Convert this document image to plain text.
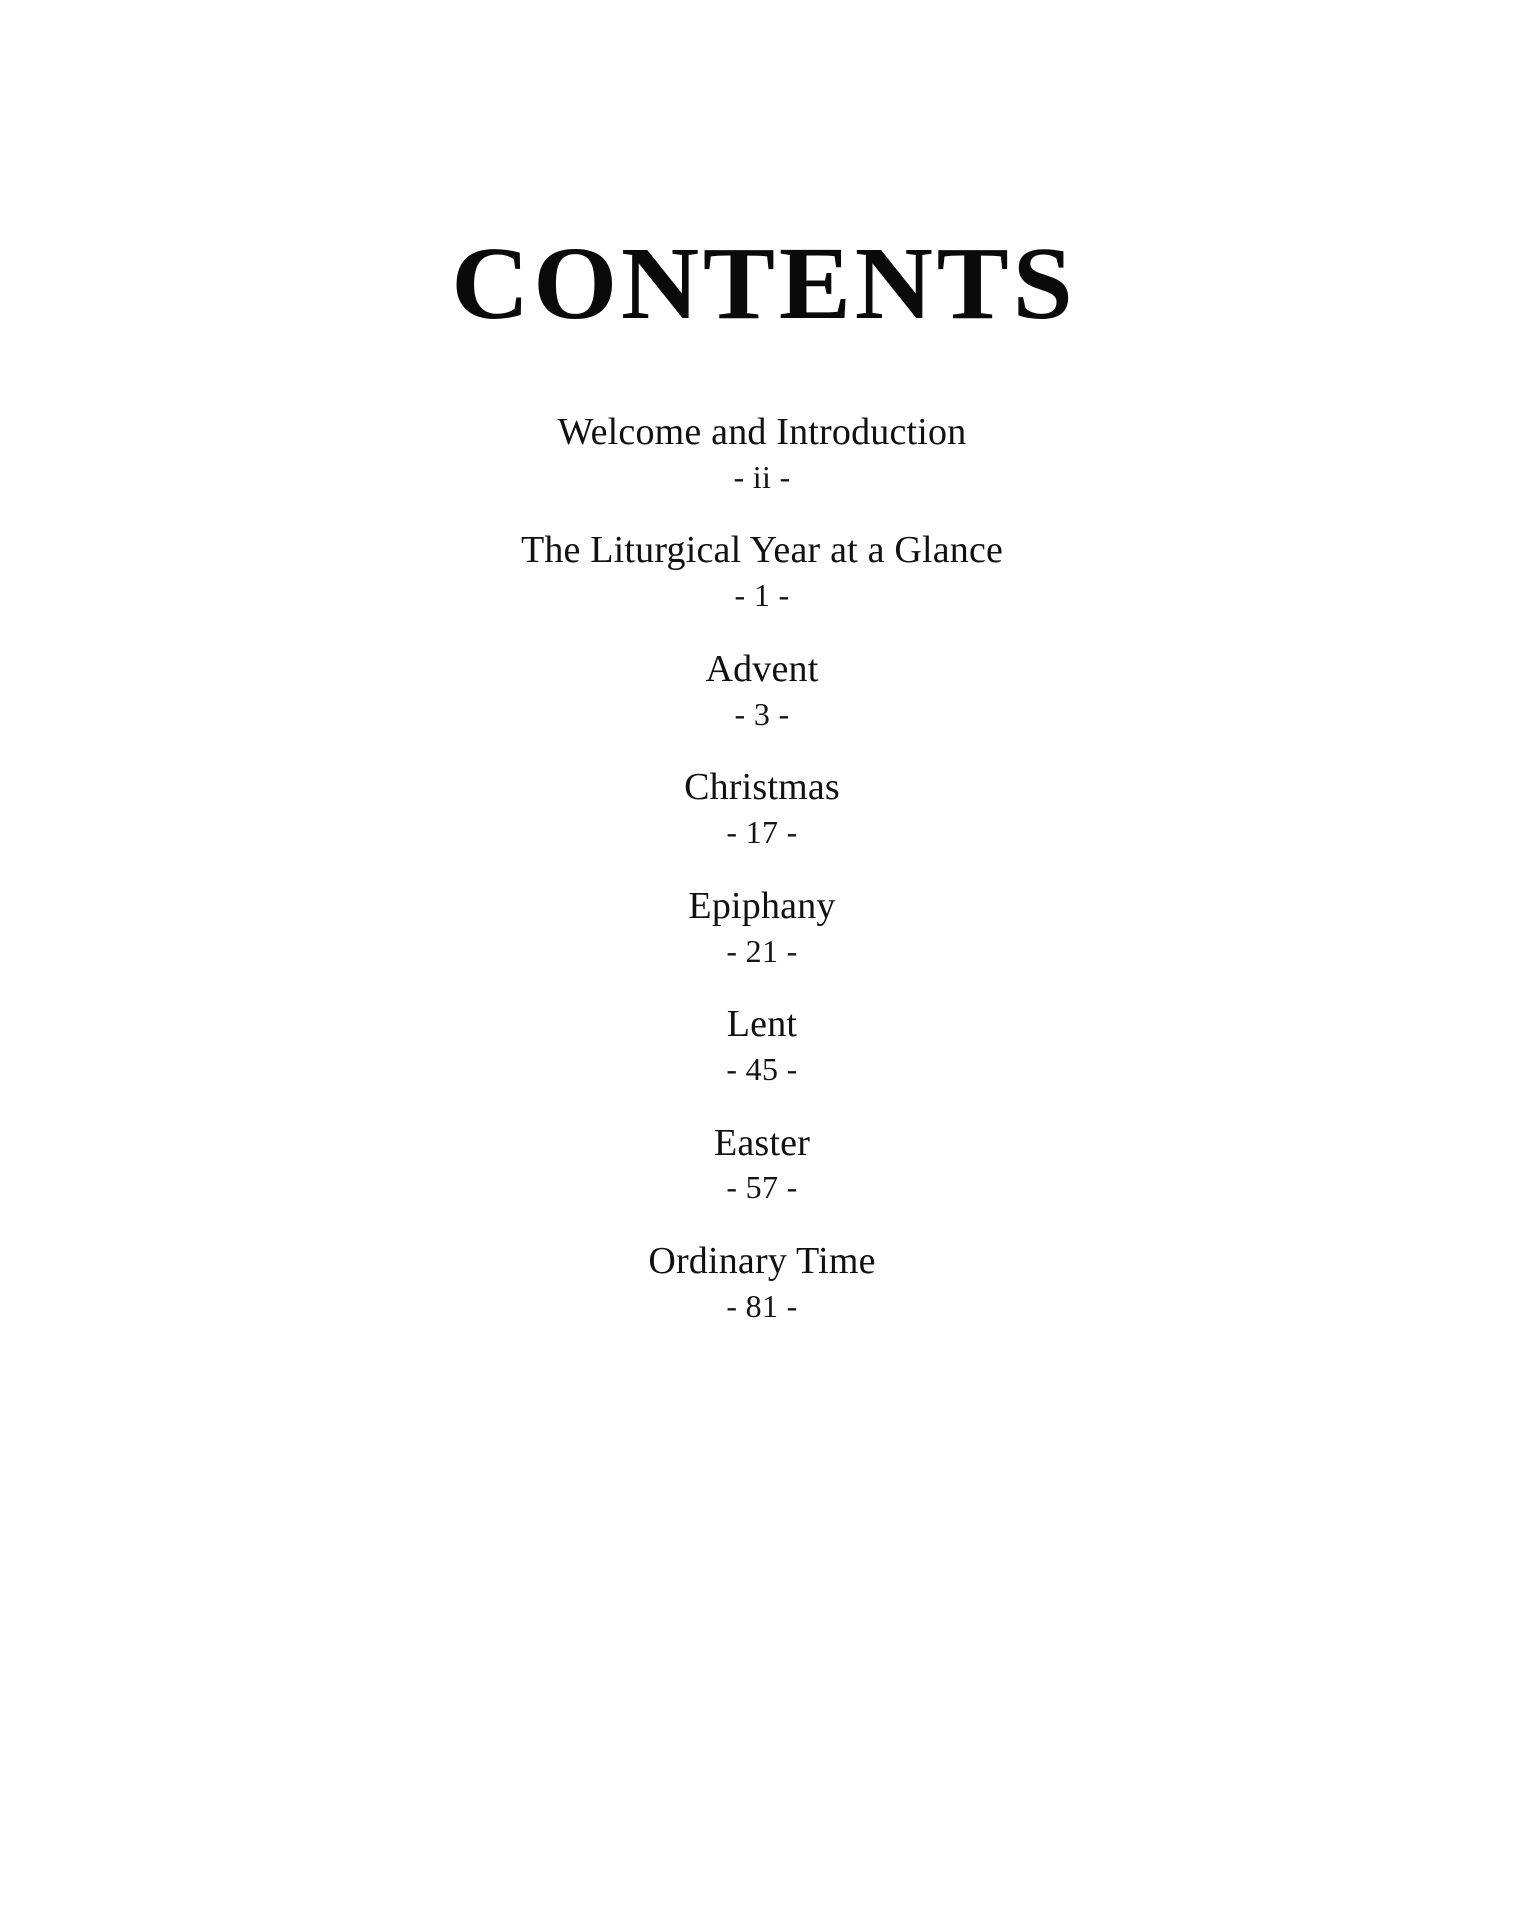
CONTENTS
Welcome and Introduction
- ii -
The Liturgical Year at a Glance
- 1 -
Advent
- 3 -
Christmas
- 17 -
Epiphany
- 21 -
Lent
- 45 -
Easter
- 57 -
Ordinary Time
- 81 -
